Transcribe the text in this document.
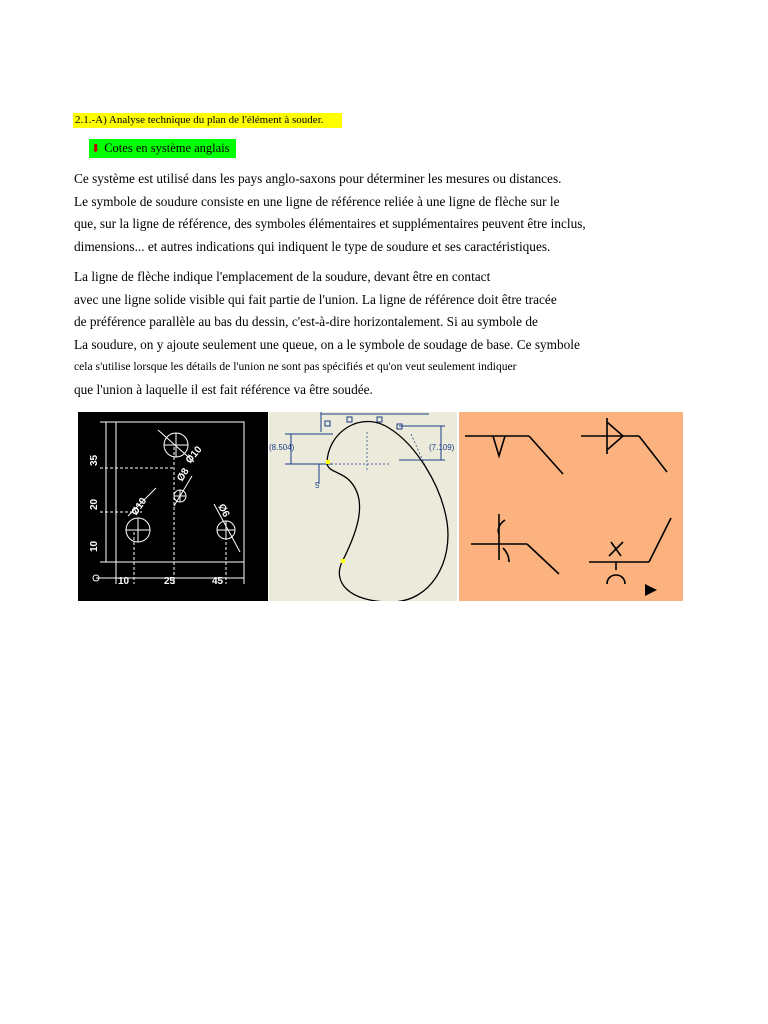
2.1.-A) Analyse technique du plan de l'élément à souder.
⬇ Cotes en système anglais
Ce système est utilisé dans les pays anglo-saxons pour déterminer les mesures ou distances.
Le symbole de soudure consiste en une ligne de référence reliée à une ligne de flèche sur le
que, sur la ligne de référence, des symboles élémentaires et supplémentaires peuvent être inclus,
dimensions... et autres indications qui indiquent le type de soudure et ses caractéristiques.
La ligne de flèche indique l'emplacement de la soudure, devant être en contact
avec une ligne solide visible qui fait partie de l'union. La ligne de référence doit être tracée
de préférence parallèle au bas du dessin, c'est-à-dire horizontalement. Si au symbole de
La soudure, on y ajoute seulement une queue, on a le symbole de soudage de base. Ce symbole
cela s'utilise lorsque les détails de l'union ne sont pas spécifiés et qu'on veut seulement indiquer
que l'union à laquelle il est fait référence va être soudée.
35
20
10
10	25	45
Ø10
Ø10	Ø6
Ø8
(8.504)	(7.109)
5
